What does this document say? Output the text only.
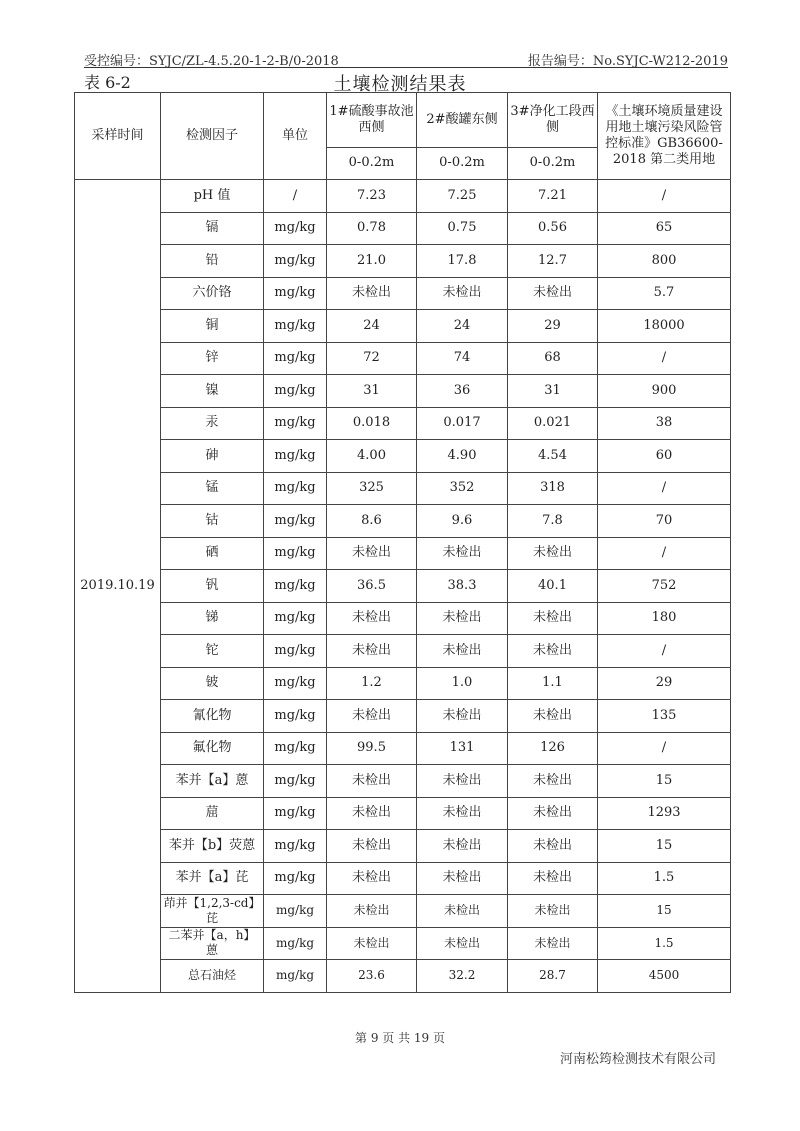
受控编号：SYJC/ZL-4.5.20-1-2-B/0-2018	报告编号：No.SYJC-W212-2019
表 6-2	土壤检测结果表
采样时间	检测因子	单位	1#硫酸事故池西侧	2#酸罐东侧	3#净化工段西侧	《土壤环境质量建设用地土壤污染风险管控标准》GB36600-2018 第二类用地
			0-0.2m	0-0.2m	0-0.2m	
2019.10.19	pH 值	/	7.23	7.25	7.21	/
	镉	mg/kg	0.78	0.75	0.56	65
	铅	mg/kg	21.0	17.8	12.7	800
	六价铬	mg/kg	未检出	未检出	未检出	5.7
	铜	mg/kg	24	24	29	18000
	锌	mg/kg	72	74	68	/
	镍	mg/kg	31	36	31	900
	汞	mg/kg	0.018	0.017	0.021	38
	砷	mg/kg	4.00	4.90	4.54	60
	锰	mg/kg	325	352	318	/
	钴	mg/kg	8.6	9.6	7.8	70
	硒	mg/kg	未检出	未检出	未检出	/
	钒	mg/kg	36.5	38.3	40.1	752
	锑	mg/kg	未检出	未检出	未检出	180
	铊	mg/kg	未检出	未检出	未检出	/
	铍	mg/kg	1.2	1.0	1.1	29
	氰化物	mg/kg	未检出	未检出	未检出	135
	氟化物	mg/kg	99.5	131	126	/
	苯并【a】蒽	mg/kg	未检出	未检出	未检出	15
	䓛	mg/kg	未检出	未检出	未检出	1293
	苯并【b】荧蒽	mg/kg	未检出	未检出	未检出	15
	苯并【a】芘	mg/kg	未检出	未检出	未检出	1.5
	茚并【1,2,3-cd】芘	mg/kg	未检出	未检出	未检出	15
	二苯并【a，h】蒽	mg/kg	未检出	未检出	未检出	1.5
	总石油烃	mg/kg	23.6	32.2	28.7	4500
第 9 页 共 19 页
河南松筠检测技术有限公司
